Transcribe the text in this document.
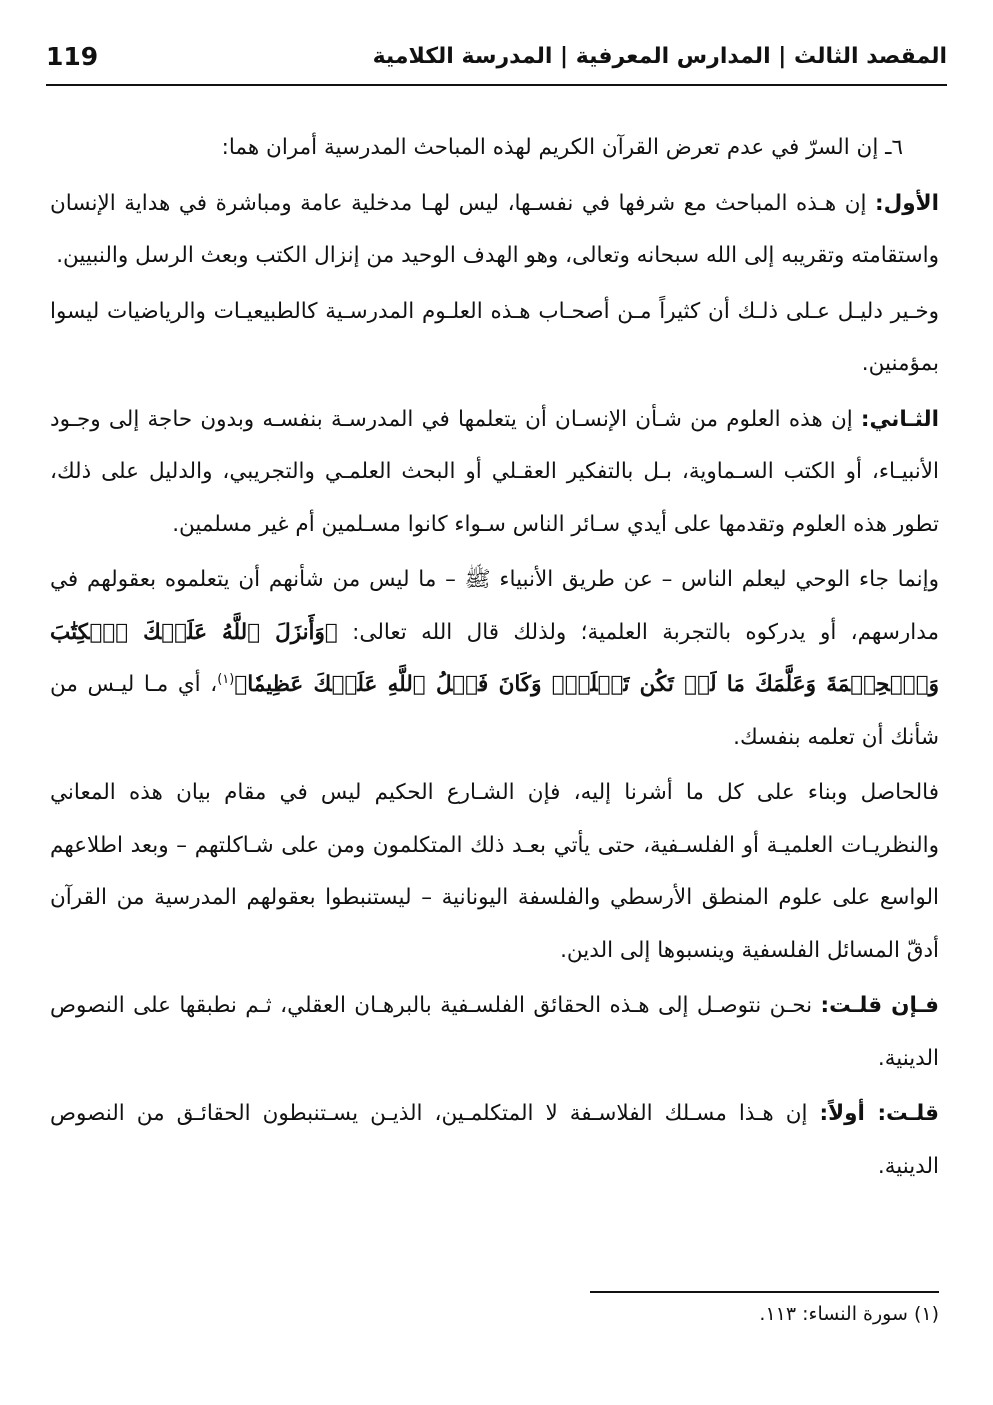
119	المقصد الثالث | المدارس المعرفية | المدرسة الكلامية

٦ـ إن السرّ في عدم تعرض القرآن الكريم لهذه المباحث المدرسية أمران هما:

الأول: إن هـذه المباحث مع شرفها في نفسـها، ليس لهـا مدخلية عامة ومباشرة في هداية الإنسان واستقامته وتقريبه إلى الله سبحانه وتعالى، وهو الهدف الوحيد من إنزال الكتب وبعث الرسل والنبيين.

وخـير دليـل عـلى ذلـك أن كثيراً مـن أصحـاب هـذه العلـوم المدرسـية كالطبيعيـات والرياضيات ليسوا بمؤمنين.

الثـاني: إن هذه العلوم من شـأن الإنسـان أن يتعلمها في المدرسـة بنفسـه وبدون حاجة إلى وجـود الأنبيـاء، أو الكتب السـماوية، بـل بالتفكير العقـلي أو البحث العلمـي والتجريبي، والدليل على ذلك، تطور هذه العلوم وتقدمها على أيدي سـائر الناس سـواء كانوا مسـلمين أم غير مسلمين.

وإنما جاء الوحي ليعلم الناس – عن طريق الأنبياء ﷺ – ما ليس من شأنهم أن يتعلموه بعقولهم في مدارسهم، أو يدركوه بالتجربة العلمية؛ ولذلك قال الله تعالى: ﴿وَأَنزَلَ ٱللَّهُ عَلَيۡكَ ٱلۡكِتَٰبَ وَٱلۡحِكۡمَةَ وَعَلَّمَكَ مَا لَمۡ تَكُن تَعۡلَمُۚ وَكَانَ فَضۡلُ ٱللَّهِ عَلَيۡكَ عَظِيمٗا﴾$^{(١)}$، أي مـا ليـس من شأنك أن تعلمه بنفسك.

فالحاصل وبناء على كل ما أشرنا إليه، فإن الشـارع الحكيم ليس في مقام بيان هذه المعاني والنظريـات العلميـة أو الفلسـفية، حتى يأتي بعـد ذلك المتكلمون ومن على شـاكلتهم – وبعد اطلاعهم الواسع على علوم المنطق الأرسطي والفلسفة اليونانية – ليستنبطوا بعقولهم المدرسية من القرآن أدقّ المسائل الفلسفية وينسبوها إلى الدين.

فـإن قلـت: نحـن نتوصـل إلى هـذه الحقائق الفلسـفية بالبرهـان العقلي، ثـم نطبقها على النصوص الدينية.

قلـت: أولاً: إن هـذا مسـلك الفلاسـفة لا المتكلمـين، الذيـن يسـتنبطون الحقائـق من النصوص الدينية.

(١) سورة النساء: ١١٣.
